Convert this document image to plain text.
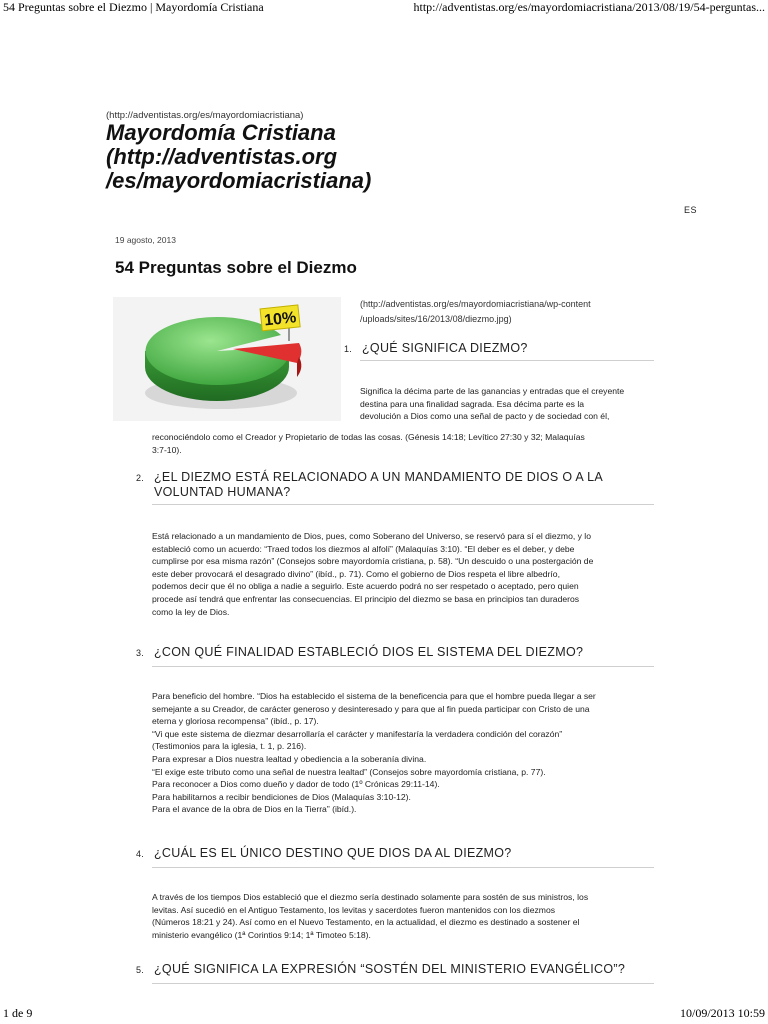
54 Preguntas sobre el Diezmo | Mayordomía Cristiana	http://adventistas.org/es/mayordomiacristiana/2013/08/19/54-perguntas...
(http://adventistas.org/es/mayordomiacristiana)
Mayordomía Cristiana
(http://adventistas.org
/es/mayordomiacristiana)
ES
19 agosto, 2013
54 Preguntas sobre el Diezmo
10%
(http://adventistas.org/es/mayordomiacristiana/wp-content
/uploads/sites/16/2013/08/diezmo.jpg)
1. ¿QUÉ SIGNIFICA DIEZMO?
Significa la décima parte de las ganancias y entradas que el creyente
destina para una finalidad sagrada. Esa décima parte es la
devolución a Dios como una señal de pacto y de sociedad con él,
reconociéndolo como el Creador y Propietario de todas las cosas. (Génesis 14:18; Levítico 27:30 y 32; Malaquías
3:7-10).
2. ¿EL DIEZMO ESTÁ RELACIONADO A UN MANDAMIENTO DE DIOS O A LA
VOLUNTAD HUMANA?
Está relacionado a un mandamiento de Dios, pues, como Soberano del Universo, se reservó para sí el diezmo, y lo
estableció como un acuerdo: “Traed todos los diezmos al alfolí” (Malaquías 3:10). “El deber es el deber, y debe
cumplirse por esa misma razón” (Consejos sobre mayordomía cristiana, p. 58). “Un descuido o una postergación de
este deber provocará el desagrado divino” (ibíd., p. 71). Como el gobierno de Dios respeta el libre albedrío,
podemos decir que él no obliga a nadie a seguirlo. Este acuerdo podrá no ser respetado o aceptado, pero quien
procede así tendrá que enfrentar las consecuencias. El principio del diezmo se basa en principios tan duraderos
como la ley de Dios.
3. ¿CON QUÉ FINALIDAD ESTABLECIÓ DIOS EL SISTEMA DEL DIEZMO?
Para beneficio del hombre. “Dios ha establecido el sistema de la beneficencia para que el hombre pueda llegar a ser
semejante a su Creador, de carácter generoso y desinteresado y para que al fin pueda participar con Cristo de una
eterna y gloriosa recompensa” (ibíd., p. 17).
“Vi que este sistema de diezmar desarrollaría el carácter y manifestaría la verdadera condición del corazón”
(Testimonios para la iglesia, t. 1, p. 216).
Para expresar a Dios nuestra lealtad y obediencia a la soberanía divina.
“El exige este tributo como una señal de nuestra lealtad” (Consejos sobre mayordomía cristiana, p. 77).
Para reconocer a Dios como dueño y dador de todo (1º Crónicas 29:11-14).
Para habilitarnos a recibir bendiciones de Dios (Malaquías 3:10-12).
Para el avance de la obra de Dios en la Tierra” (ibíd.).
4. ¿CUÁL ES EL ÚNICO DESTINO QUE DIOS DA AL DIEZMO?
A través de los tiempos Dios estableció que el diezmo sería destinado solamente para sostén de sus ministros, los
levitas. Así sucedió en el Antiguo Testamento, los levitas y sacerdotes fueron mantenidos con los diezmos
(Números 18:21 y 24). Así como en el Nuevo Testamento, en la actualidad, el diezmo es destinado a sostener el
ministerio evangélico (1ª Corintios 9:14; 1ª Timoteo 5:18).
5. ¿QUÉ SIGNIFICA LA EXPRESIÓN “SOSTÉN DEL MINISTERIO EVANGÉLICO”?
1 de 9	10/09/2013 10:59
